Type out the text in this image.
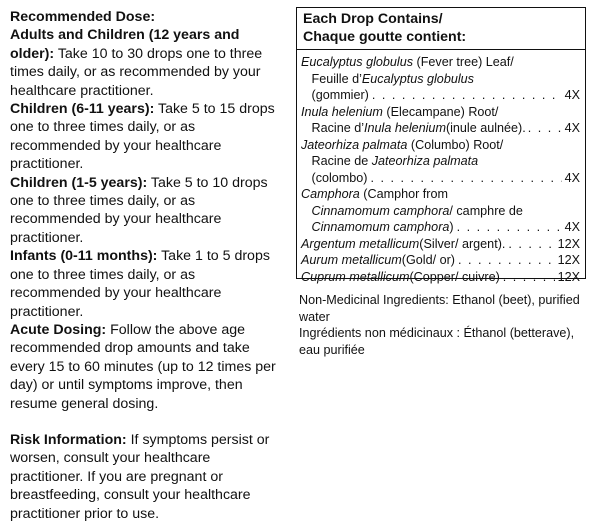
Recommended Dose:

Adults and Children (12 years and older): Take 10 to 30 drops one to three times daily, or as recommended by your healthcare practitioner.

Children (6-11 years): Take 5 to 15 drops one to three times daily, or as recommended by your healthcare practitioner.

Children (1-5 years): Take 5 to 10 drops one to three times daily, or as recommended by your healthcare practitioner.

Infants (0-11 months): Take 1 to 5 drops one to three times daily, or as recommended by your healthcare practitioner.

Acute Dosing: Follow the above age recommended drop amounts and take every 15 to 60 minutes (up to 12 times per day) or until symptoms improve, then resume general dosing.

Risk Information: If symptoms persist or worsen, consult your healthcare practitioner. If you are pregnant or breastfeeding, consult your healthcare practitioner prior to use.

Each Drop Contains/
Chaque goutte contient:
Eucalyptus globulus (Fever tree) Leaf/
Feuille d’Eucalyptus globulus

(gommier) . . .	4X
Inula helenium (Elecampane) Root/

Racine d’ Inula helenium (inule aulnée). . . .	4X
Jateorhiza palmata (Columbo) Root/
Racine de Jateorhiza palmata

(colombo) . . .	4X
Camphora (Camphor from
Cinnamomum camphora/ camphre de

Cinnamomum camphora ) . . .	4X
Argentum metallicum (Silver/ argent). . . .	12X
Aurum metallicum (Gold/ or) . . .	12X
Cuprum metallicum (Copper/ cuivre) . . .	12X

Non-Medicinal Ingredients: Ethanol (beet), purified water

Ingrédients non médicinaux : Éthanol (betterave), eau purifiée
